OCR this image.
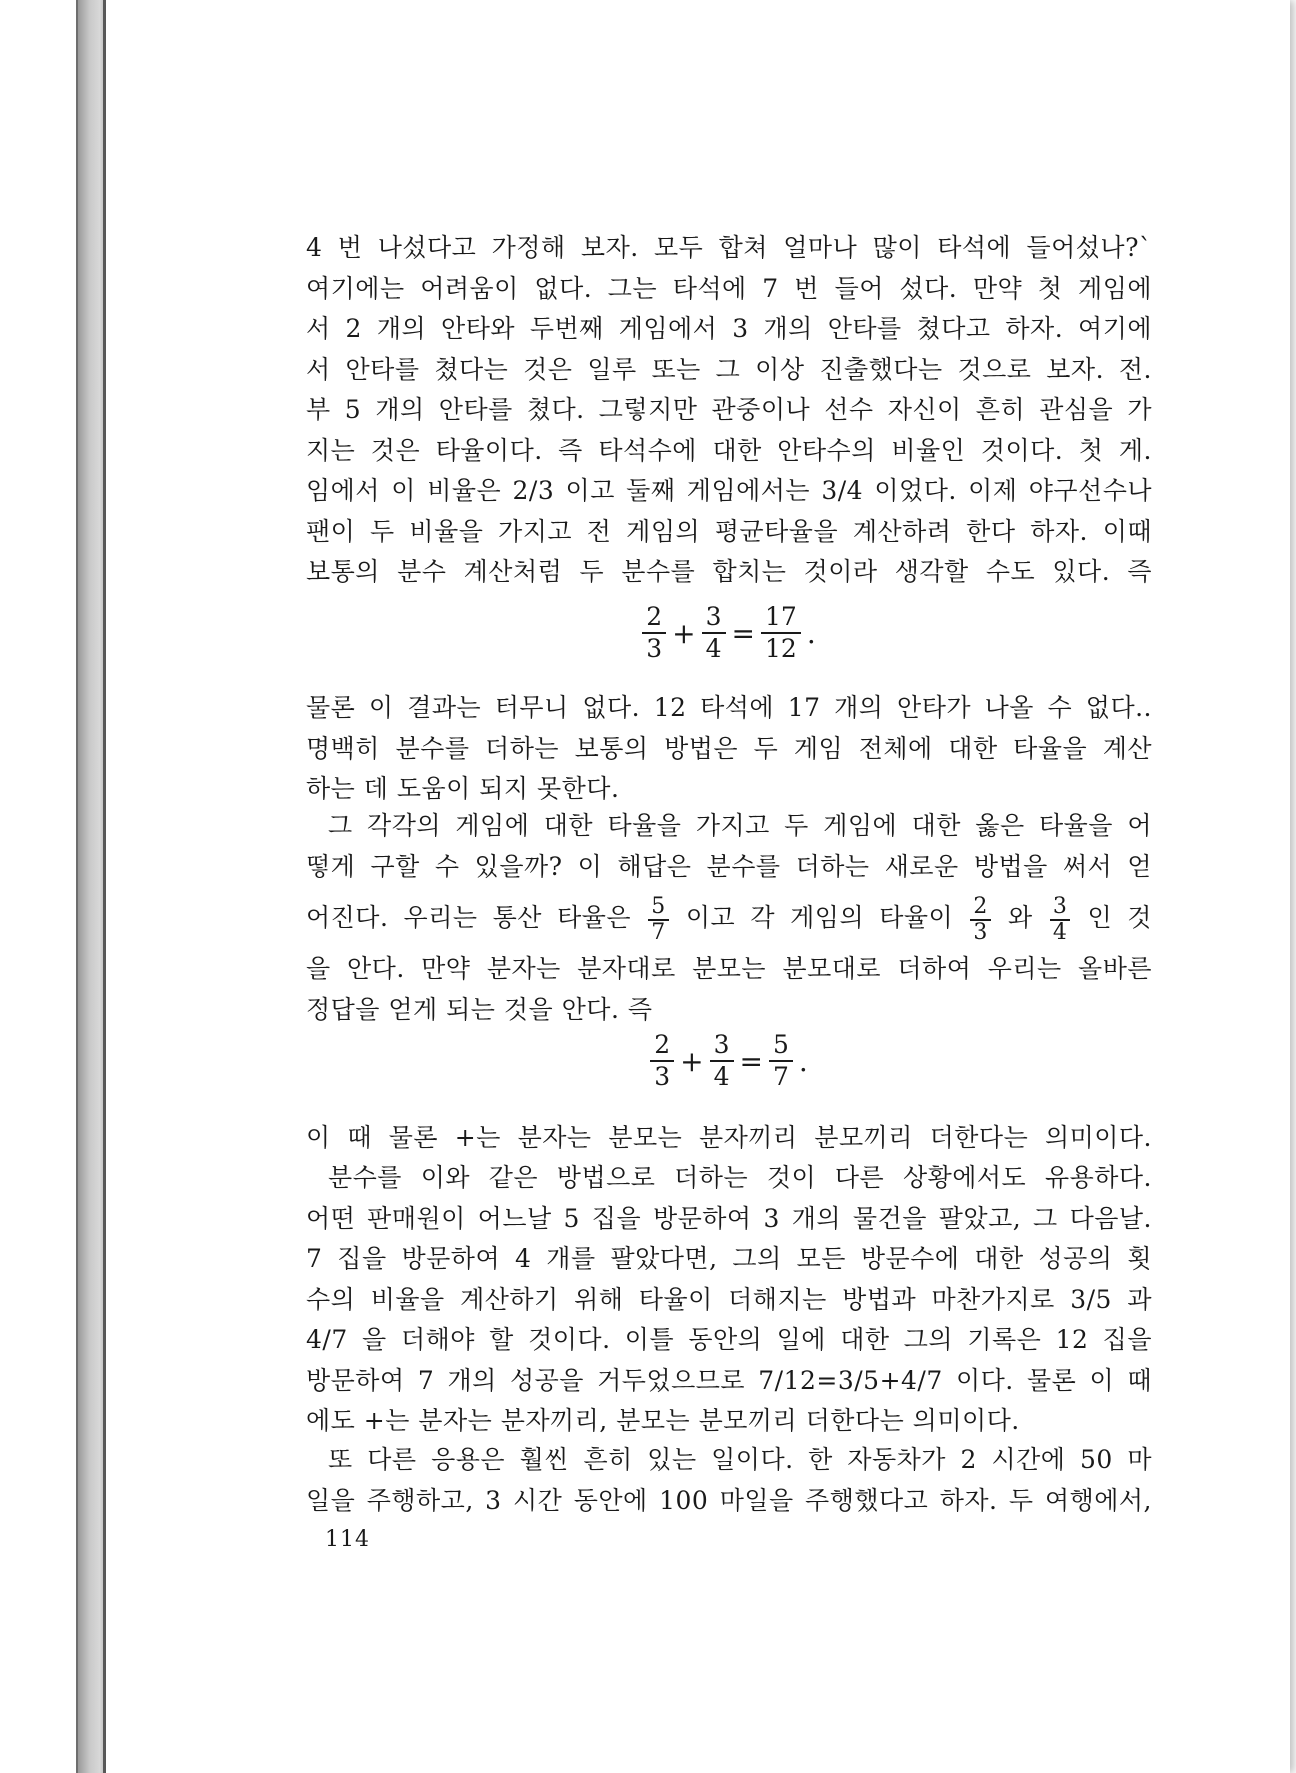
4 번 나섰다고 가정해 보자. 모두 합쳐 얼마나 많이 타석에 들어섰나?`
여기에는 어려움이 없다. 그는 타석에 7 번 들어 섰다. 만약 첫 게임에
서 2 개의 안타와 두번째 게임에서 3 개의 안타를 쳤다고 하자. 여기에
서 안타를 쳤다는 것은 일루 또는 그 이상 진출했다는 것으로 보자. 전.
부 5 개의 안타를 쳤다. 그렇지만 관중이나 선수 자신이 흔히 관심을 가
지는 것은 타율이다. 즉 타석수에 대한 안타수의 비율인 것이다. 첫 게.
임에서 이 비율은 2/3 이고 둘째 게임에서는 3/4 이었다. 이제 야구선수나
팬이 두 비율을 가지고 전 게임의 평균타율을 계산하려 한다 하자. 이때
보통의 분수 계산처럼 두 분수를 합치는 것이라 생각할 수도 있다. 즉
$\frac{2}{3} + \frac{3}{4} = \frac{17}{12}$ .
물론 이 결과는 터무니 없다. 12 타석에 17 개의 안타가 나올 수 없다..
명백히 분수를 더하는 보통의 방법은 두 게임 전체에 대한 타율을 계산
하는 데 도움이 되지 못한다.
그 각각의 게임에 대한 타율을 가지고 두 게임에 대한 옳은 타율을 어
떻게 구할 수 있을까? 이 해답은 분수를 더하는 새로운 방법을 써서 얻
어진다. 우리는 통산 타율은 $\frac{5}{7}$ 이고 각 게임의 타율이 $\frac{2}{3}$ 와 $\frac{3}{4}$ 인 것
을 안다. 만약 분자는 분자대로 분모는 분모대로 더하여 우리는 올바른
정답을 얻게 되는 것을 안다. 즉
$\frac{2}{3} + \frac{3}{4} = \frac{5}{7}$ .
이 때 물론 +는 분자는 분모는 분자끼리 분모끼리 더한다는 의미이다.
분수를 이와 같은 방법으로 더하는 것이 다른 상황에서도 유용하다.
어떤 판매원이 어느날 5 집을 방문하여 3 개의 물건을 팔았고, 그 다음날.
7 집을 방문하여 4 개를 팔았다면, 그의 모든 방문수에 대한 성공의 횟
수의 비율을 계산하기 위해 타율이 더해지는 방법과 마찬가지로 3/5 과
4/7 을 더해야 할 것이다. 이틀 동안의 일에 대한 그의 기록은 12 집을
방문하여 7 개의 성공을 거두었으므로 7/12=3/5+4/7 이다. 물론 이 때
에도 +는 분자는 분자끼리, 분모는 분모끼리 더한다는 의미이다.
또 다른 응용은 훨씬 흔히 있는 일이다. 한 자동차가 2 시간에 50 마
일을 주행하고, 3 시간 동안에 100 마일을 주행했다고 하자. 두 여행에서,
114
